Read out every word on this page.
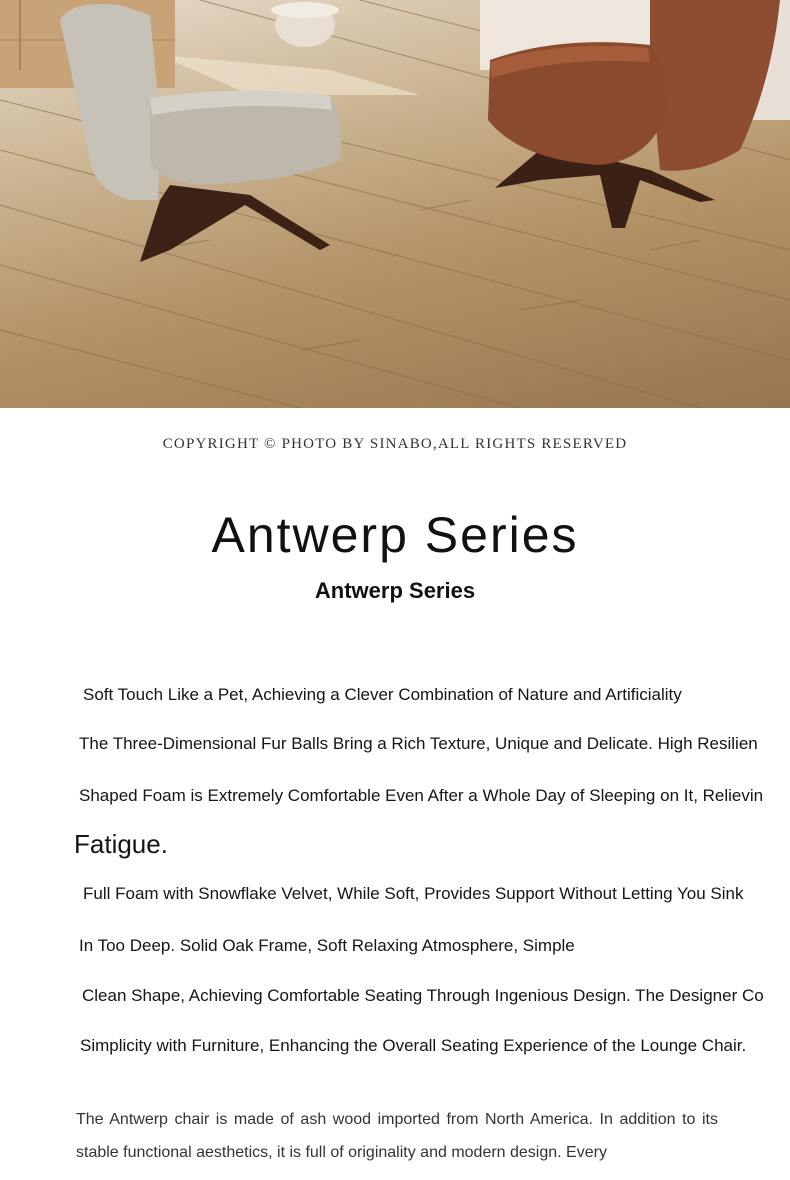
COPYRIGHT © PHOTO BY SINABO,ALL RIGHTS RESERVED
Antwerp Series
Antwerp Series
Soft Touch Like a Pet, Achieving a Clever Combination of Nature and Artificiality
The Three-Dimensional Fur Balls Bring a Rich Texture, Unique and Delicate. High Resilien
Shaped Foam is Extremely Comfortable Even After a Whole Day of Sleeping on It, Relievin
Fatigue.
Full Foam with Snowflake Velvet, While Soft, Provides Support Without Letting You Sink
In Too Deep. Solid Oak Frame, Soft Relaxing Atmosphere, Simple
Clean Shape, Achieving Comfortable Seating Through Ingenious Design. The Designer Co
Simplicity with Furniture, Enhancing the Overall Seating Experience of the Lounge Chair.
The Antwerp chair is made of ash wood imported from North America. In addition to its stable functional aesthetics, it is full of originality and modern design. Every
